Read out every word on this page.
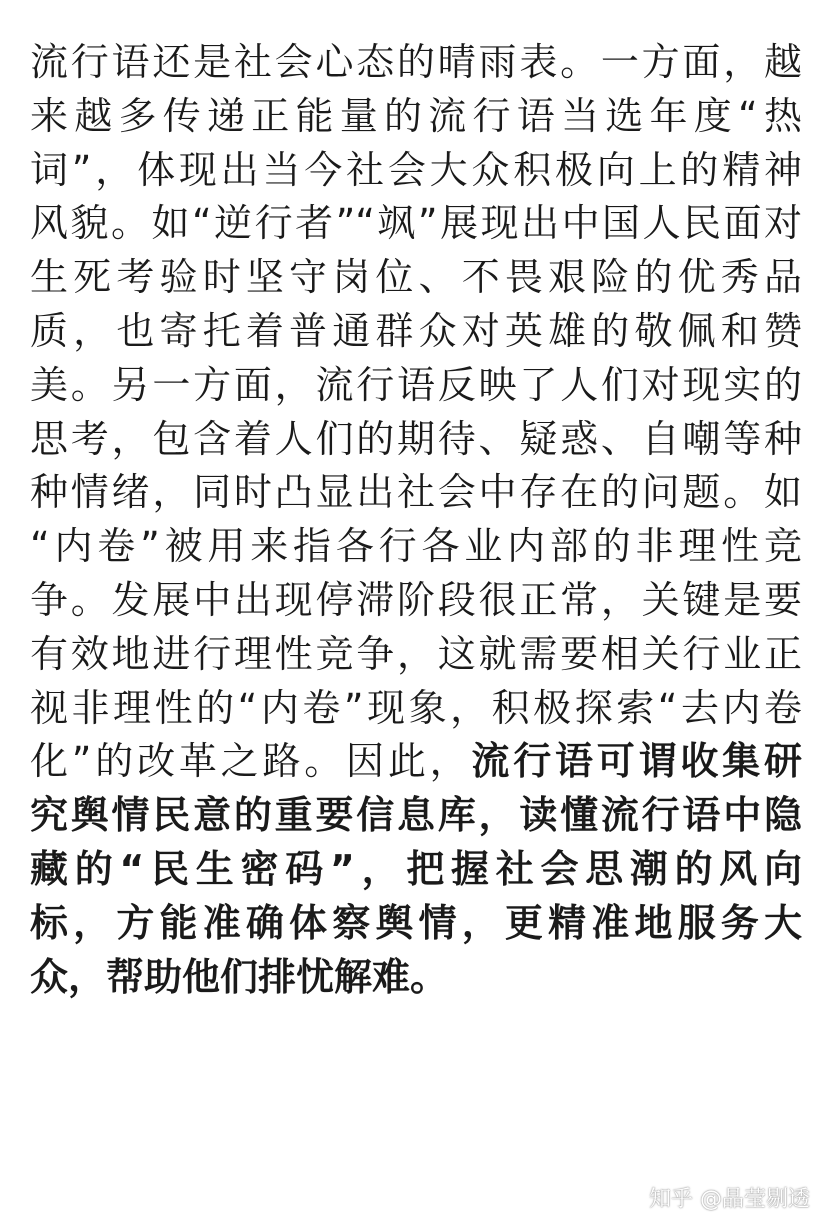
流行语还是社会心态的晴雨表。一方面，越
来越多传递正能量的流行语当选年度“热
词”，体现出当今社会大众积极向上的精神
风貌。如“逆行者”“飒”展现出中国人民面对
生死考验时坚守岗位、不畏艰险的优秀品
质，也寄托着普通群众对英雄的敬佩和赞
美。另一方面，流行语反映了人们对现实的
思考，包含着人们的期待、疑惑、自嘲等种
种情绪，同时凸显出社会中存在的问题。如
“内卷”被用来指各行各业内部的非理性竞
争。发展中出现停滞阶段很正常，关键是要
有效地进行理性竞争，这就需要相关行业正
视非理性的“内卷”现象，积极探索“去内卷
化”的改革之路。因此，流行语可谓收集研
究舆情民意的重要信息库，读懂流行语中隐
藏的“民生密码”，把握社会思潮的风向
标，方能准确体察舆情，更精准地服务大
众，帮助他们排忧解难。
知乎 @晶莹剔透
